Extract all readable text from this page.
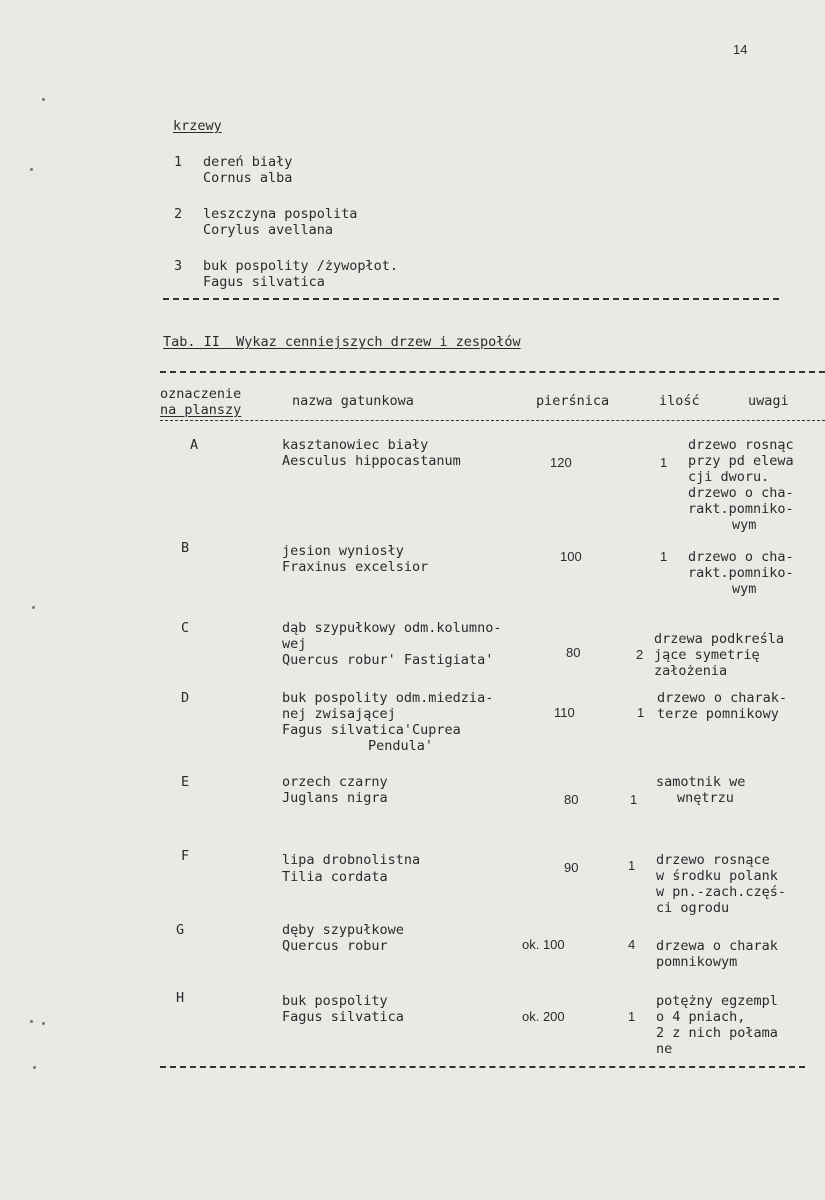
14
krzewy
1 dereń biały
Cornus alba
2 leszczyna pospolita
Corylus avellana
3 buk pospolity /żywopłot.
Fagus silvatica
Tab. II  Wykaz cenniejszych drzew i zespołów
oznaczenie
na planszy
nazwa gatunkowa	pierśnica	ilość	uwagi
A	kasztanowiec biały
Aesculus hippocastanum	120	1
drzewo rosnąc
przy pd elewa
cji dworu.
drzewo o cha-
rakt.pomniko-
wym
B	jesion wyniosły
Fraxinus excelsior
100	1 drzewo o cha-
rakt.pomniko-
wym
C	dąb szypułkowy odm.kolumno-
wej
Quercus robur' Fastigiata'	80	2
drzewa podkreśla
jące symetrię
założenia
D	buk pospolity odm.miedzia-
nej zwisającej
Fagus silvatica'Cuprea
Pendula'
110	1
drzewo o charak-
terze pomnikowy
E	orzech czarny
Juglans nigra	80	1
samotnik we
wnętrzu
F	lipa drobnolistna
Tilia cordata
90	1 drzewo rosnące
w środku polank
w pn.-zach.częś-
ci ogrodu
G	dęby szypułkowe
Quercus robur	ok. 100	4 drzewa o charak
pomnikowym
H	buk pospolity
Fagus silvatica	ok. 200	1
potężny egzempl
o 4 pniach,
2 z nich połama
ne
